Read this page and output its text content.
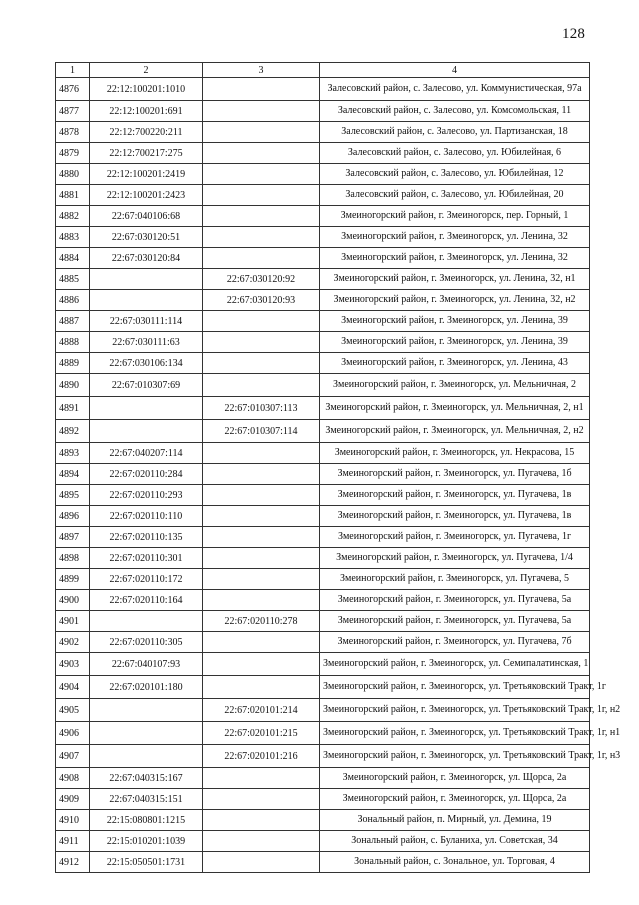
128
1	2	3	4
4876	22:12:100201:1010		Залесовский район, с. Залесово, ул. Коммунистическая, 97а
4877	22:12:100201:691		Залесовский район, с. Залесово, ул. Комсомольская, 11
4878	22:12:700220:211		Залесовский район, с. Залесово, ул. Партизанская, 18
4879	22:12:700217:275		Залесовский район, с. Залесово, ул. Юбилейная, 6
4880	22:12:100201:2419		Залесовский район, с. Залесово, ул. Юбилейная, 12
4881	22:12:100201:2423		Залесовский район, с. Залесово, ул. Юбилейная, 20
4882	22:67:040106:68		Змеиногорский район, г. Змеиногорск, пер. Горный, 1
4883	22:67:030120:51		Змеиногорский район, г. Змеиногорск, ул. Ленина, 32
4884	22:67:030120:84		Змеиногорский район, г. Змеиногорск, ул. Ленина, 32
4885		22:67:030120:92	Змеиногорский район, г. Змеиногорск, ул. Ленина, 32, н1
4886		22:67:030120:93	Змеиногорский район, г. Змеиногорск, ул. Ленина, 32, н2
4887	22:67:030111:114		Змеиногорский район, г. Змеиногорск, ул. Ленина, 39
4888	22:67:030111:63		Змеиногорский район, г. Змеиногорск, ул. Ленина, 39
4889	22:67:030106:134		Змеиногорский район, г. Змеиногорск, ул. Ленина, 43
4890	22:67:010307:69		Змеиногорский район, г. Змеиногорск, ул. Мельничная, 2
4891		22:67:010307:113	Змеиногорский район, г. Змеиногорск, ул. Мельничная, 2, н1
4892		22:67:010307:114	Змеиногорский район, г. Змеиногорск, ул. Мельничная, 2, н2
4893	22:67:040207:114		Змеиногорский район, г. Змеиногорск, ул. Некрасова, 15
4894	22:67:020110:284		Змеиногорский район, г. Змеиногорск, ул. Пугачева, 1б
4895	22:67:020110:293		Змеиногорский район, г. Змеиногорск, ул. Пугачева, 1в
4896	22:67:020110:110		Змеиногорский район, г. Змеиногорск, ул. Пугачева, 1в
4897	22:67:020110:135		Змеиногорский район, г. Змеиногорск, ул. Пугачева, 1г
4898	22:67:020110:301		Змеиногорский район, г. Змеиногорск, ул. Пугачева, 1/4
4899	22:67:020110:172		Змеиногорский район, г. Змеиногорск, ул. Пугачева, 5
4900	22:67:020110:164		Змеиногорский район, г. Змеиногорск, ул. Пугачева, 5а
4901		22:67:020110:278	Змеиногорский район, г. Змеиногорск, ул. Пугачева, 5а
4902	22:67:020110:305		Змеиногорский район, г. Змеиногорск, ул. Пугачева, 7б
4903	22:67:040107:93		Змеиногорский район, г. Змеиногорск, ул. Семипалатинская, 1
4904	22:67:020101:180		Змеиногорский район, г. Змеиногорск, ул. Третьяковский Тракт, 1г
4905		22:67:020101:214	Змеиногорский район, г. Змеиногорск, ул. Третьяковский Тракт, 1г, н2
4906		22:67:020101:215	Змеиногорский район, г. Змеиногорск, ул. Третьяковский Тракт, 1г, н1
4907		22:67:020101:216	Змеиногорский район, г. Змеиногорск, ул. Третьяковский Тракт, 1г, н3
4908	22:67:040315:167		Змеиногорский район, г. Змеиногорск, ул. Щорса, 2а
4909	22:67:040315:151		Змеиногорский район, г. Змеиногорск, ул. Щорса, 2а
4910	22:15:080801:1215		Зональный район, п. Мирный, ул. Демина, 19
4911	22:15:010201:1039		Зональный район, с. Буланиха, ул. Советская, 34
4912	22:15:050501:1731		Зональный район, с. Зональное, ул. Торговая, 4
